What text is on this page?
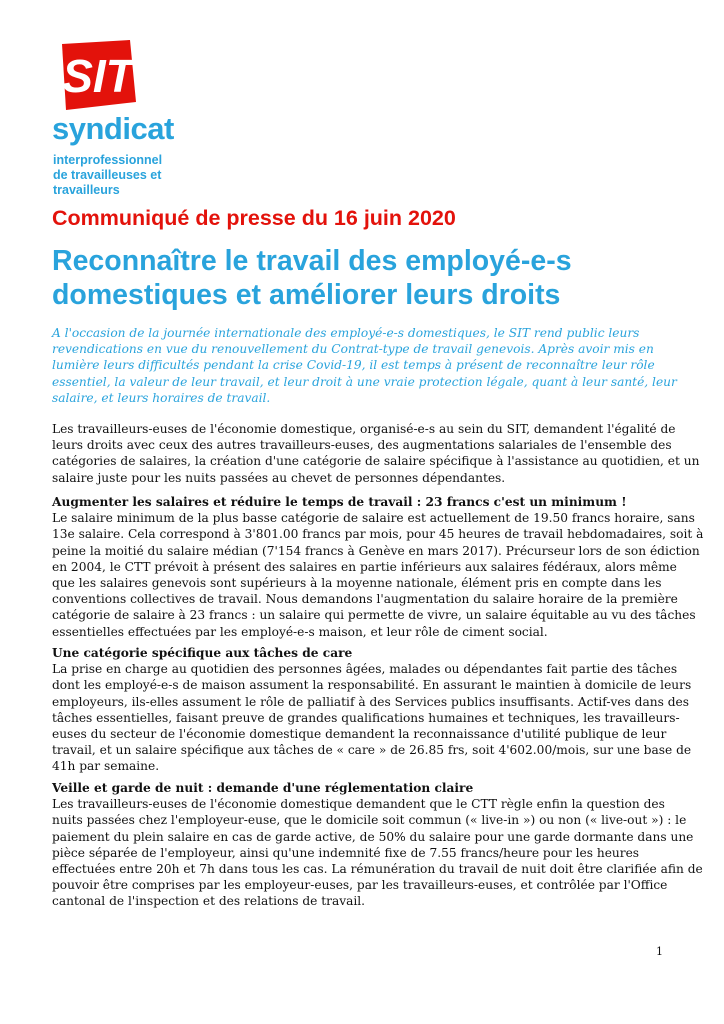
SIT
syndicat
interprofessionnel
de travailleuses et
travailleurs
Communiqué de presse du 16 juin 2020
Reconnaître le travail des employé-e-s
domestiques et améliorer leurs droits
A l'occasion de la journée internationale des employé-e-s domestiques, le SIT rend public leurs
revendications en vue du renouvellement du Contrat-type de travail genevois. Après avoir mis en
lumière leurs difficultés pendant la crise Covid-19, il est temps à présent de reconnaître leur rôle
essentiel, la valeur de leur travail, et leur droit à une vraie protection légale, quant à leur santé, leur
salaire, et leurs horaires de travail.
Les travailleurs-euses de l'économie domestique, organisé-e-s au sein du SIT, demandent l'égalité de
leurs droits avec ceux des autres travailleurs-euses, des augmentations salariales de l'ensemble des
catégories de salaires, la création d'une catégorie de salaire spécifique à l'assistance au quotidien, et un
salaire juste pour les nuits passées au chevet de personnes dépendantes.
Augmenter les salaires et réduire le temps de travail : 23 francs c'est un minimum !
Le salaire minimum de la plus basse catégorie de salaire est actuellement de 19.50 francs horaire, sans
13e salaire. Cela correspond à 3'801.00 francs par mois, pour 45 heures de travail hebdomadaires, soit à
peine la moitié du salaire médian (7'154 francs à Genève en mars 2017). Précurseur lors de son édiction
en 2004, le CTT prévoit à présent des salaires en partie inférieurs aux salaires fédéraux, alors même
que les salaires genevois sont supérieurs à la moyenne nationale, élément pris en compte dans les
conventions collectives de travail. Nous demandons l'augmentation du salaire horaire de la première
catégorie de salaire à 23 francs : un salaire qui permette de vivre, un salaire équitable au vu des tâches
essentielles effectuées par les employé-e-s maison, et leur rôle de ciment social.
Une catégorie spécifique aux tâches de care
La prise en charge au quotidien des personnes âgées, malades ou dépendantes fait partie des tâches
dont les employé-e-s de maison assument la responsabilité. En assurant le maintien à domicile de leurs
employeurs, ils-elles assument le rôle de palliatif à des Services publics insuffisants. Actif-ves dans des
tâches essentielles, faisant preuve de grandes qualifications humaines et techniques, les travailleurs-
euses du secteur de l'économie domestique demandent la reconnaissance d'utilité publique de leur
travail, et un salaire spécifique aux tâches de « care » de 26.85 frs, soit 4'602.00/mois, sur une base de
41h par semaine.
Veille et garde de nuit : demande d'une réglementation claire
Les travailleurs-euses de l'économie domestique demandent que le CTT règle enfin la question des
nuits passées chez l'employeur-euse, que le domicile soit commun (« live-in ») ou non (« live-out ») : le
paiement du plein salaire en cas de garde active, de 50% du salaire pour une garde dormante dans une
pièce séparée de l'employeur, ainsi qu'une indemnité fixe de 7.55 francs/heure pour les heures
effectuées entre 20h et 7h dans tous les cas. La rémunération du travail de nuit doit être clarifiée afin de
pouvoir être comprises par les employeur-euses, par les travailleurs-euses, et contrôlée par l'Office
cantonal de l'inspection et des relations de travail.
1
